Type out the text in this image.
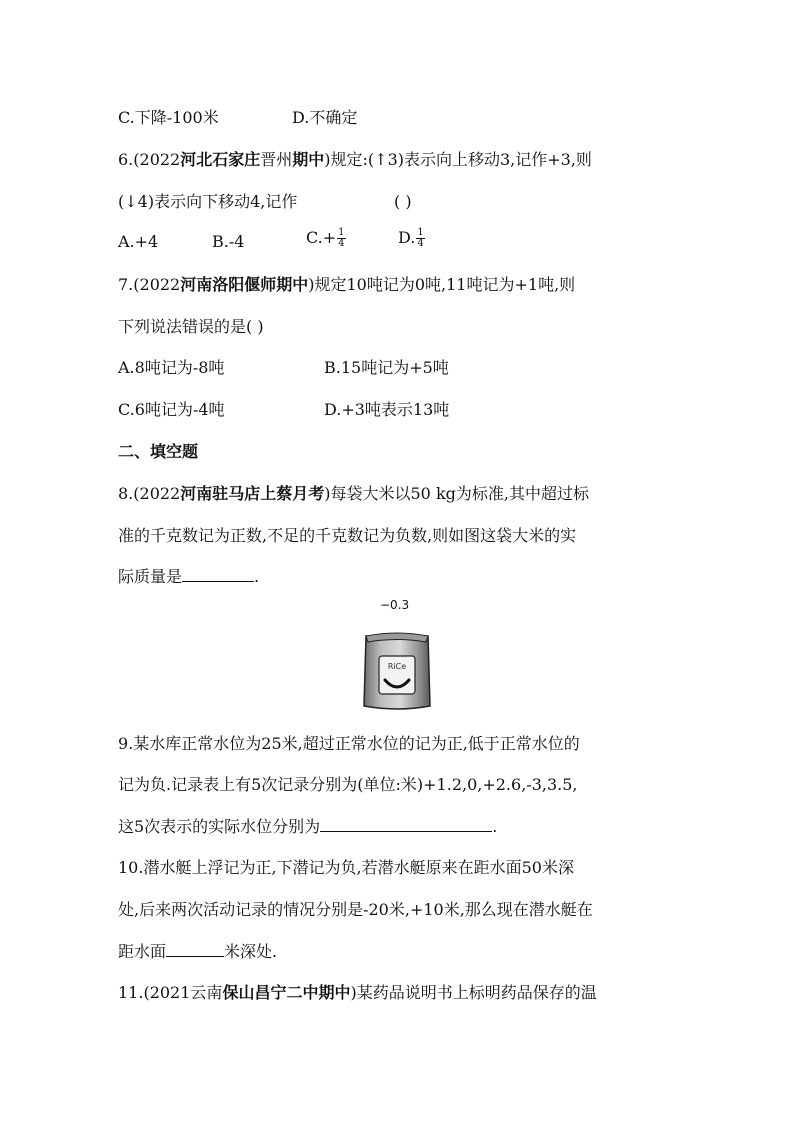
C.下降-100米	D.不确定
6.(2022河北石家庄晋州期中)规定:(↑3)表示向上移动3,记作+3,则
(↓4)表示向下移动4,记作	( )
A.+4	B.-4	$C.+ \frac{1}{4}$	D. $\frac{1}{4}$
7.(2022河南洛阳偃师期中)规定10吨记为0吨,11吨记为+1吨,则
下列说法错误的是( )
A.8吨记为-8吨	B.15吨记为+5吨
C.6吨记为-4吨	D.+3吨表示13吨
二、填空题
8.(2022河南驻马店上蔡月考)每袋大米以50 kg为标准,其中超过标
准的千克数记为正数,不足的千克数记为负数,则如图这袋大米的实
际质量是	.
−0.3
RiCe
9.某水库正常水位为25米,超过正常水位的记为正,低于正常水位的
记为负.记录表上有5次记录分别为(单位:米)+1.2,0,+2.6,-3,3.5,
这5次表示的实际水位分别为	.
10.潜水艇上浮记为正,下潜记为负,若潜水艇原来在距水面50米深
处,后来两次活动记录的情况分别是-20米,+10米,那么现在潜水艇在
距水面	米深处.
11.(2021云南保山昌宁二中期中)某药品说明书上标明药品保存的温
